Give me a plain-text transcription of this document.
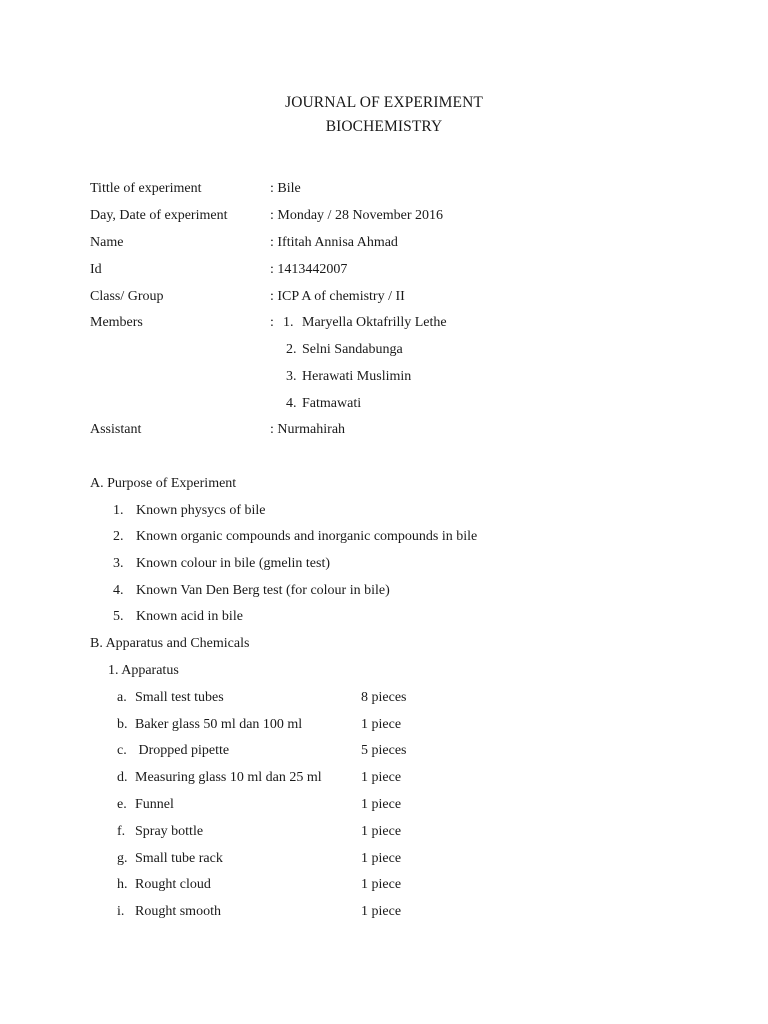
JOURNAL OF EXPERIMENT
BIOCHEMISTRY
Tittle of experiment	: Bile
Day, Date of experiment	: Monday / 28 November 2016
Name	: Iftitah Annisa Ahmad
Id	: 1413442007
Class/ Group	: ICP A of chemistry / II
Members	: 1. Maryella Oktafrilly Lethe
2. Selni Sandabunga
3. Herawati Muslimin
4. Fatmawati
Assistant	: Nurmahirah
A. Purpose of Experiment
1. Known physycs of bile
2. Known organic compounds and inorganic compounds in bile
3. Known colour in bile (gmelin test)
4. Known Van Den Berg test (for colour in bile)
5. Known acid in bile
B. Apparatus and Chemicals
1. Apparatus
a. Small test tubes	8 pieces
b. Baker glass 50 ml dan 100 ml	1 piece
c. Dropped pipette	5 pieces
d. Measuring glass 10 ml dan 25 ml	1 piece
e. Funnel	1 piece
f. Spray bottle	1 piece
g. Small tube rack	1 piece
h. Rought cloud	1 piece
i. Rought smooth	1 piece
